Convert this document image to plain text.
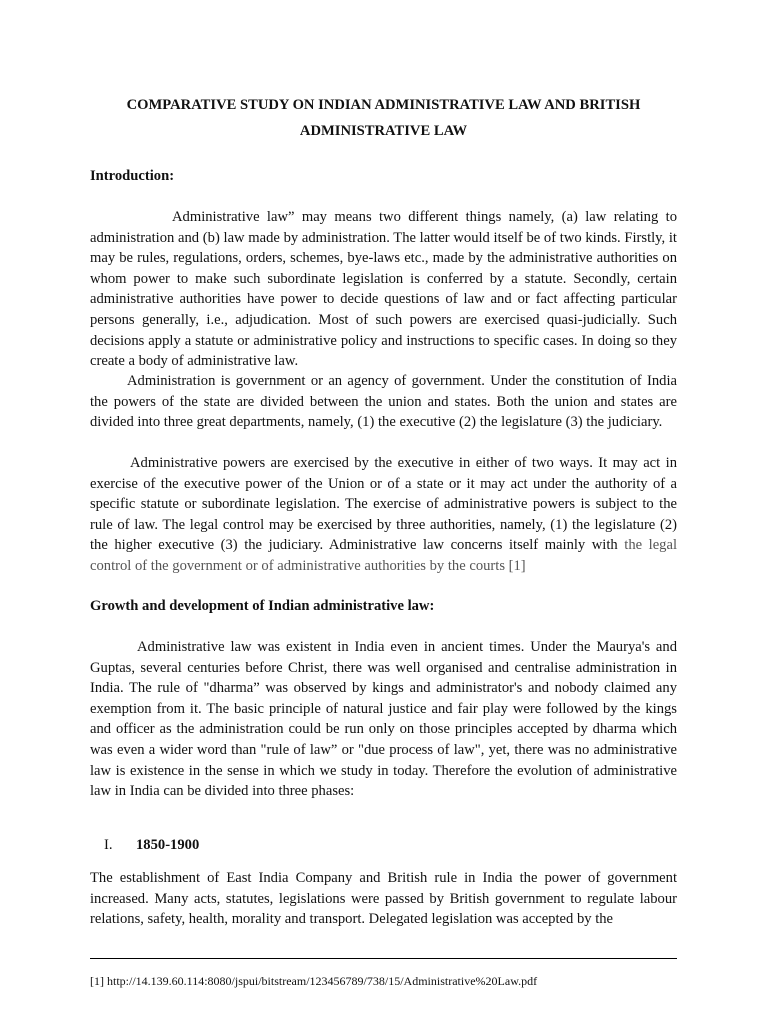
COMPARATIVE STUDY ON INDIAN ADMINISTRATIVE LAW AND BRITISH ADMINISTRATIVE LAW

Introduction:

Administrative law” may means two different things namely, (a) law relating to administration and (b) law made by administration. The latter would itself be of two kinds. Firstly, it may be rules, regulations, orders, schemes, bye-laws etc., made by the administrative authorities on whom power to make such subordinate legislation is conferred by a statute. Secondly, certain administrative authorities have power to decide questions of law and or fact affecting particular persons generally, i.e., adjudication. Most of such powers are exercised quasi-judicially. Such decisions apply a statute or administrative policy and instructions to specific cases. In doing so they create a body of administrative law.

Administration is government or an agency of government. Under the constitution of India the powers of the state are divided between the union and states. Both the union and states are divided into three great departments, namely, (1) the executive (2) the legislature (3) the judiciary.

Administrative powers are exercised by the executive in either of two ways. It may act in exercise of the executive power of the Union or of a state or it may act under the authority of a specific statute or subordinate legislation. The exercise of administrative powers is subject to the rule of law. The legal control may be exercised by three authorities, namely, (1) the legislature (2) the higher executive (3) the judiciary. Administrative law concerns itself mainly with the legal control of the government or of administrative authorities by the courts [1]

Growth and development of Indian administrative law:

Administrative law was existent in India even in ancient times. Under the Maurya's and Guptas, several centuries before Christ, there was well organised and centralise administration in India. The rule of "dharma” was observed by kings and administrator's and nobody claimed any exemption from it. The basic principle of natural justice and fair play were followed by the kings and officer as the administration could be run only on those principles accepted by dharma which was even a wider word than "rule of law” or "due process of law", yet, there was no administrative law is existence in the sense in which we study in today. Therefore the evolution of administrative law in India can be divided into three phases:

I. 1850-1900

The establishment of East India Company and British rule in India the power of government increased. Many acts, statutes, legislations were passed by British government to regulate labour relations, safety, health, morality and transport. Delegated legislation was accepted by the

[1] http://14.139.60.114:8080/jspui/bitstream/123456789/738/15/Administrative%20Law.pdf
